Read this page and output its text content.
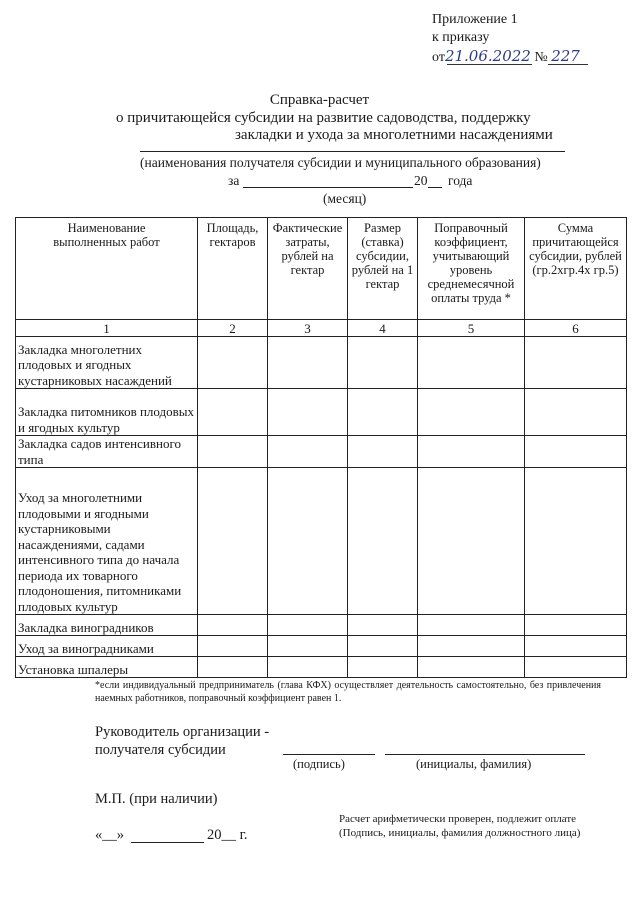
Приложение 1
к приказу
от21.06.2022 № 227
Справка-расчет
о причитающейся субсидии на развитие садоводства, поддержку
закладки и ухода за многолетними насаждениями
(наименования получателя субсидии и муниципального образования)
за	20 года
(месяц)
Наименование выполненных работ	Площадь, гектаров	Фактические затраты, рублей на гектар	Размер (ставка) субсидии, рублей на 1 гектар	Поправочный коэффициент, учитывающий уровень среднемесячной оплаты труда *	Сумма причитающейся субсидии, рублей (гр.2хгр.4х гр.5)
1	2	3	4	5	6
Закладка многолетних плодовых и ягодных кустарниковых насаждений					
Закладка питомников плодовых и ягодных культур					
Закладка садов интенсивного типа					
Уход за многолетними плодовыми и ягодными кустарниковыми насаждениями, садами интенсивного типа до начала периода их товарного плодоношения, питомниками плодовых культур					
Закладка виноградников					
Уход за виноградниками					
Установка шпалеры					
*если индивидуальный предприниматель (глава КФХ) осуществляет деятельность самостоятельно, без привлечения наемных работников, поправочный коэффициент равен 1.
Руководитель организации -
получателя субсидии
(подпись)	(инициалы, фамилия)
М.П. (при наличии)
«__»	20__ г.
Расчет арифметически проверен, подлежит оплате
(Подпись, инициалы, фамилия должностного лица)
